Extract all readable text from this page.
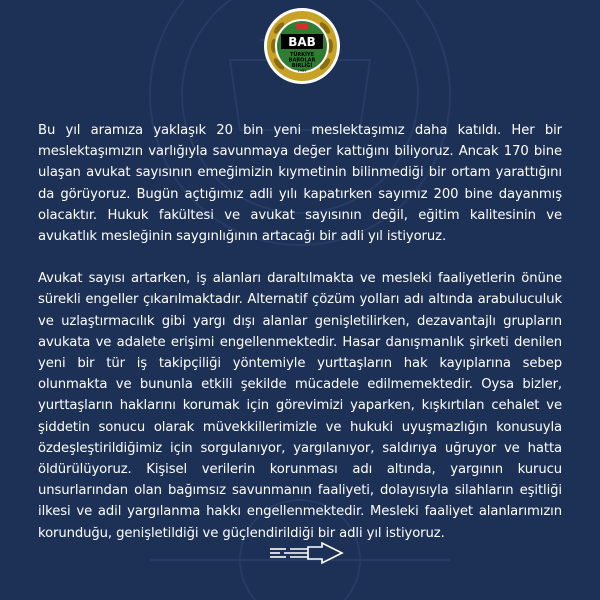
BAB
TÜRKİYE
BAROLAR
BİRLİĞİ
1969

Bu yıl aramıza yaklaşık 20 bin yeni meslektaşımız daha katıldı. Her bir meslektaşımızın varlığıyla savunmaya değer kattığını biliyoruz. Ancak 170 bine ulaşan avukat sayısının emeğimizin kıymetinin bilinmediği bir ortam yarattığını da görüyoruz. Bugün açtığımız adli yılı kapatırken sayımız 200 bine dayanmış olacaktır. Hukuk fakültesi ve avukat sayısının değil, eğitim kalitesinin ve avukatlık mesleğinin saygınlığının artacağı bir adli yıl istiyoruz.

Avukat sayısı artarken, iş alanları daraltılmakta ve mesleki faaliyetlerin önüne sürekli engeller çıkarılmaktadır. Alternatif çözüm yolları adı altında arabuluculuk ve uzlaştırmacılık gibi yargı dışı alanlar genişletilirken, dezavantajlı grupların avukata ve adalete erişimi engellenmektedir. Hasar danışmanlık şirketi denilen yeni bir tür iş takipçiliği yöntemiyle yurttaşların hak kayıplarına sebep olunmakta ve bununla etkili şekilde mücadele edilmemektedir. Oysa bizler, yurttaşların haklarını korumak için görevimizi yaparken, kışkırtılan cehalet ve şiddetin sonucu olarak müvekkillerimizle ve hukuki uyuşmazlığın konusuyla özdeşleştirildiğimiz için sorgulanıyor, yargılanıyor, saldırıya uğruyor ve hatta öldürülüyoruz. Kişisel verilerin korunması adı altında, yargının kurucu unsurlarından olan bağımsız savunmanın faaliyeti, dolayısıyla silahların eşitliği ilkesi ve adil yargılanma hakkı engellenmektedir. Mesleki faaliyet alanlarımızın korunduğu, genişletildiği ve güçlendirildiği bir adli yıl istiyoruz.
